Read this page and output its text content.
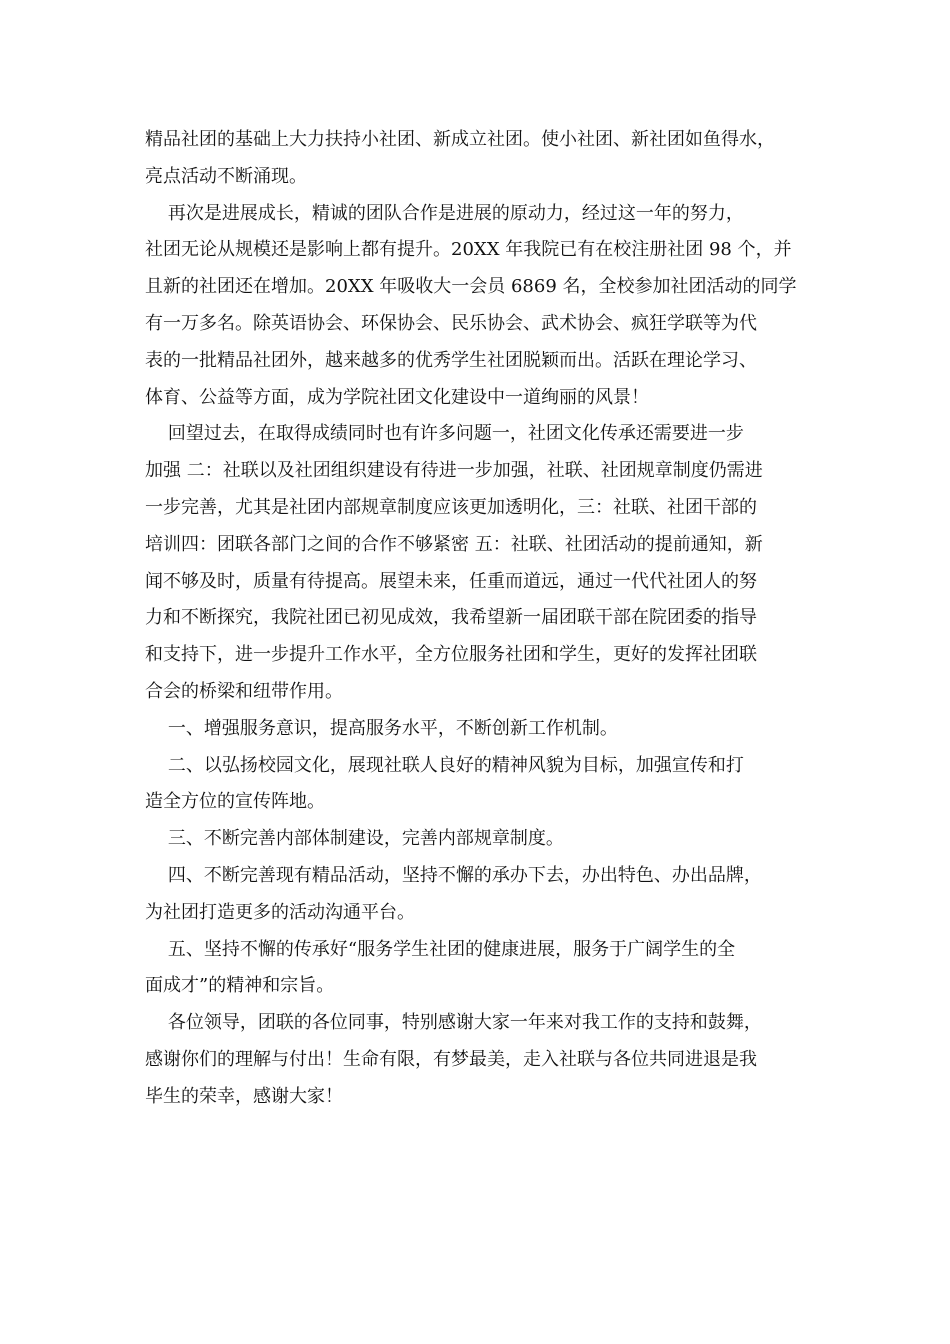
精品社团的基础上大力扶持小社团、新成立社团。使小社团、新社团如鱼得水，
亮点活动不断涌现。
再次是进展成长，精诚的团队合作是进展的原动力，经过这一年的努力，
社团无论从规模还是影响上都有提升。20XX 年我院已有在校注册社团 98 个，并
且新的社团还在增加。20XX 年吸收大一会员 6869 名，全校参加社团活动的同学
有一万多名。除英语协会、环保协会、民乐协会、武术协会、疯狂学联等为代
表的一批精品社团外，越来越多的优秀学生社团脱颖而出。活跃在理论学习、
体育、公益等方面，成为学院社团文化建设中一道绚丽的风景！
回望过去，在取得成绩同时也有许多问题一，社团文化传承还需要进一步
加强 二：社联以及社团组织建设有待进一步加强，社联、社团规章制度仍需进
一步完善，尤其是社团内部规章制度应该更加透明化，三：社联、社团干部的
培训四：团联各部门之间的合作不够紧密 五：社联、社团活动的提前通知，新
闻不够及时，质量有待提高。展望未来，任重而道远，通过一代代社团人的努
力和不断探究，我院社团已初见成效，我希望新一届团联干部在院团委的指导
和支持下，进一步提升工作水平，全方位服务社团和学生，更好的发挥社团联
合会的桥梁和纽带作用。
一、增强服务意识，提高服务水平，不断创新工作机制。
二、以弘扬校园文化，展现社联人良好的精神风貌为目标，加强宣传和打
造全方位的宣传阵地。
三、不断完善内部体制建设，完善内部规章制度。
四、不断完善现有精品活动，坚持不懈的承办下去，办出特色、办出品牌，
为社团打造更多的活动沟通平台。
五、坚持不懈的传承好“服务学生社团的健康进展，服务于广阔学生的全
面成才”的精神和宗旨。
各位领导，团联的各位同事，特别感谢大家一年来对我工作的支持和鼓舞，
感谢你们的理解与付出！生命有限，有梦最美，走入社联与各位共同进退是我
毕生的荣幸，感谢大家！
